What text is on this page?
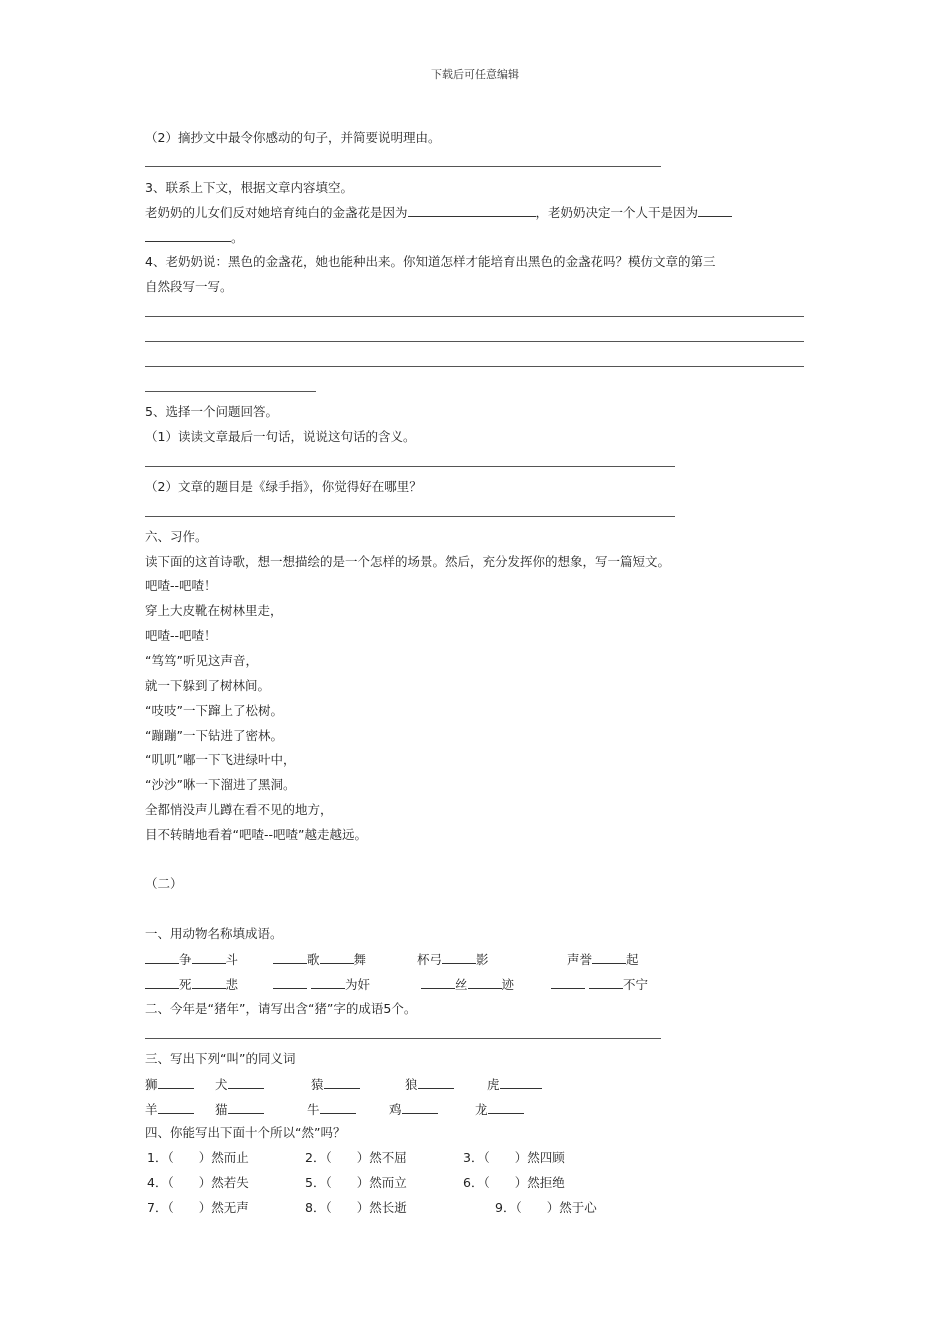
下载后可任意编辑
（2）摘抄文中最令你感动的句子，并简要说明理由。
3、联系上下文，根据文章内容填空。
老奶奶的儿女们反对她培育纯白的金盏花是因为	，老奶奶决定一个人干是因为
。
4、老奶奶说：黑色的金盏花，她也能种出来。你知道怎样才能培育出黑色的金盏花吗？模仿文章的第三
自然段写一写。
5、选择一个问题回答。
（1）读读文章最后一句话，说说这句话的含义。
（2）文章的题目是《绿手指》，你觉得好在哪里？
六、习作。
读下面的这首诗歌，想一想描绘的是一个怎样的场景。然后，充分发挥你的想象，写一篇短文。
吧喳--吧喳！
穿上大皮靴在树林里走，
吧喳--吧喳！
“笃笃”听见这声音，
就一下躲到了树林间。
“吱吱”一下蹿上了松树。
“蹦蹦”一下钻进了密林。
“叽叽”嘟一下飞进绿叶中，
“沙沙”咻一下溜进了黑洞。
全都悄没声儿蹲在看不见的地方，
目不转睛地看着“吧喳--吧喳”越走越远。
（二）
一、用动物名称填成语。
争	斗	歌	舞	杯弓	影	声誉	起
死	悲	为奸	丝	迹	不宁
二、今年是“猪年”，请写出含“猪”字的成语5个。
三、写出下列“叫”的同义词
狮	犬	猿	狼	虎
羊	猫	牛	鸡	龙
四、你能写出下面十个所以“然”吗？
1．（　　）然而止	2．（　　）然不屈	3．（　　）然四顾
4．（　　）然若失	5．（　　）然而立	6．（　　）然拒绝
7．（　　）然无声	8．（　　）然长逝	9．（　　）然于心
